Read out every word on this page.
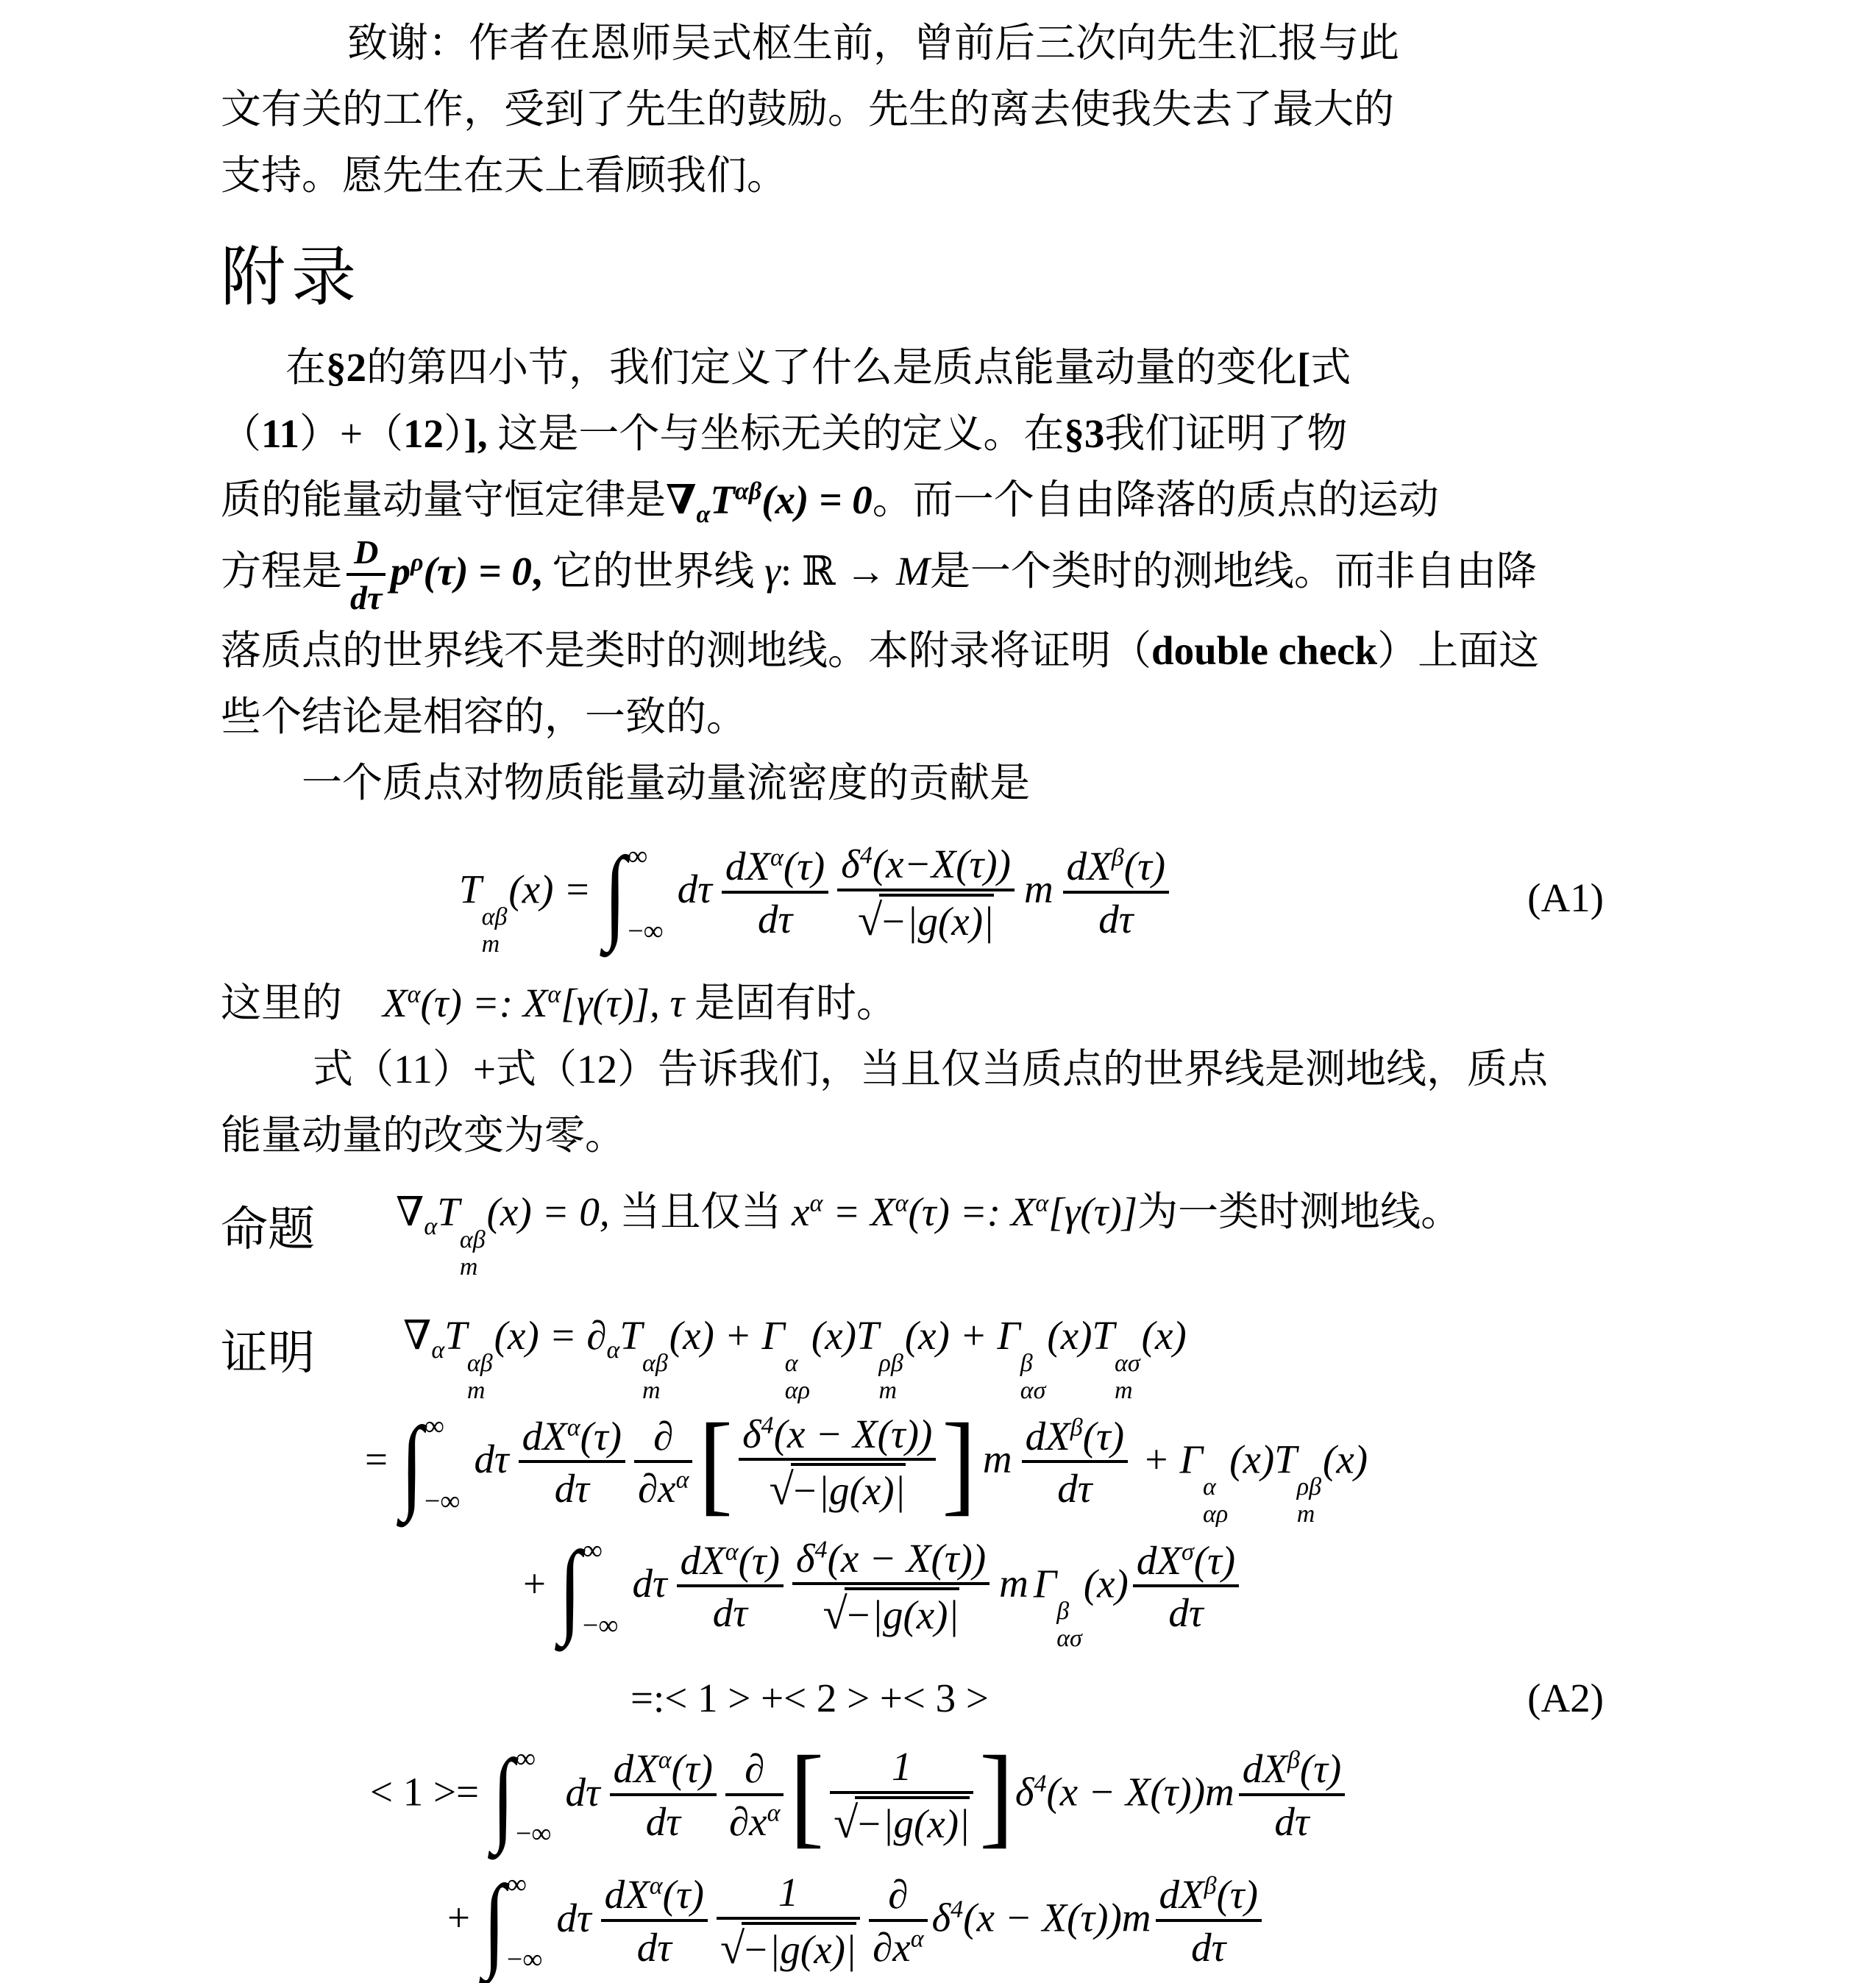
致谢：作者在恩师吴式枢生前，曾前后三次向先生汇报与此
文有关的工作，受到了先生的鼓励。先生的离去使我失去了最大的
支持。愿先生在天上看顾我们。
附录
在§2的第四小节，我们定义了什么是质点能量动量的变化[式
（11）+（12）], 这是一个与坐标无关的定义。在§3我们证明了物
质的能量动量守恒定律是$\nabla_\alpha T^{\alpha\beta}(x) = 0$。而一个自由降落的质点的运动
方程是 $\frac{D}{d\tau} p^\rho(\tau) = 0$, 它的世界线 γ: ℝ → M是一个类时的测地线。而非自由降
落质点的世界线不是类时的测地线。本附录将证明（double check）上面这
些个结论是相容的，一致的。
一个质点对物质能量动量流密度的贡献是
T
αβ
m
(x) = ∫ ∞
−∞
dτ
$dX^\alpha(\tau)$
dτ	$\frac{\delta^4(x-X(\tau))}{√-|g(x)|}$ m
$dX^\beta(\tau)$
dτ	(A1)
这里的 $X^\alpha(\tau)$ =: $X^\alpha[\gamma(\tau)]$, τ 是固有时。
式（11）+式（12）告诉我们，当且仅当质点的世界线是测地线，质点
能量动量的改变为零。
命题 $\nabla_\alpha T$
αβ
m
(x) = 0, 当且仅当 $x^\alpha = X^\alpha(\tau)$ =: $X^\alpha[\gamma(\tau)]$为一类时测地线。
证明 $\nabla_\alpha T$
αβ
m
$(x) = \partial_\alpha T$
αβ
m
(x) + Γ
α
αρ
(x)T
ρβ
m
(x) + Γ
β
ασ
(x)T
ασ
m
(x)
= ∫ ∞
−∞
dτ
$dX^\alpha(\tau)$
dτ
∂
$\partial x^\alpha$ [ $\frac{\delta^4(x - X(\tau))}{√-|g(x)|}$ ] m
$dX^\beta(\tau)$
dτ
+ Γ
α
αρ
(x)T
ρβ
m
(x)
+ ∫ ∞
−∞
dτ
$dX^\alpha(\tau)$
dτ	$\frac{\delta^4(x - X(\tau))}{√-|g(x)|}$ m Γ
β
ασ
(x)
$dX^\sigma(\tau)$
dτ
=:< 1 > +< 2 > +< 3 >	(A2)
< 1 >= ∫ ∞
−∞
dτ
$dX^\alpha(\tau)$
dτ
∂
$\partial x^\alpha$ [ $\frac{1}{√-|g(x)|} ]\delta^4(x - X(\tau))m$
$dX^\beta(\tau)$
dτ
+ ∫ ∞
−∞
dτ
$dX^\alpha(\tau)$
dτ	$\frac{1}{√-|g(x)|}$ ∂
$\partial x^\alpha$ $\delta^4(x - X(\tau))m$
$dX^\beta(\tau)$
dτ
